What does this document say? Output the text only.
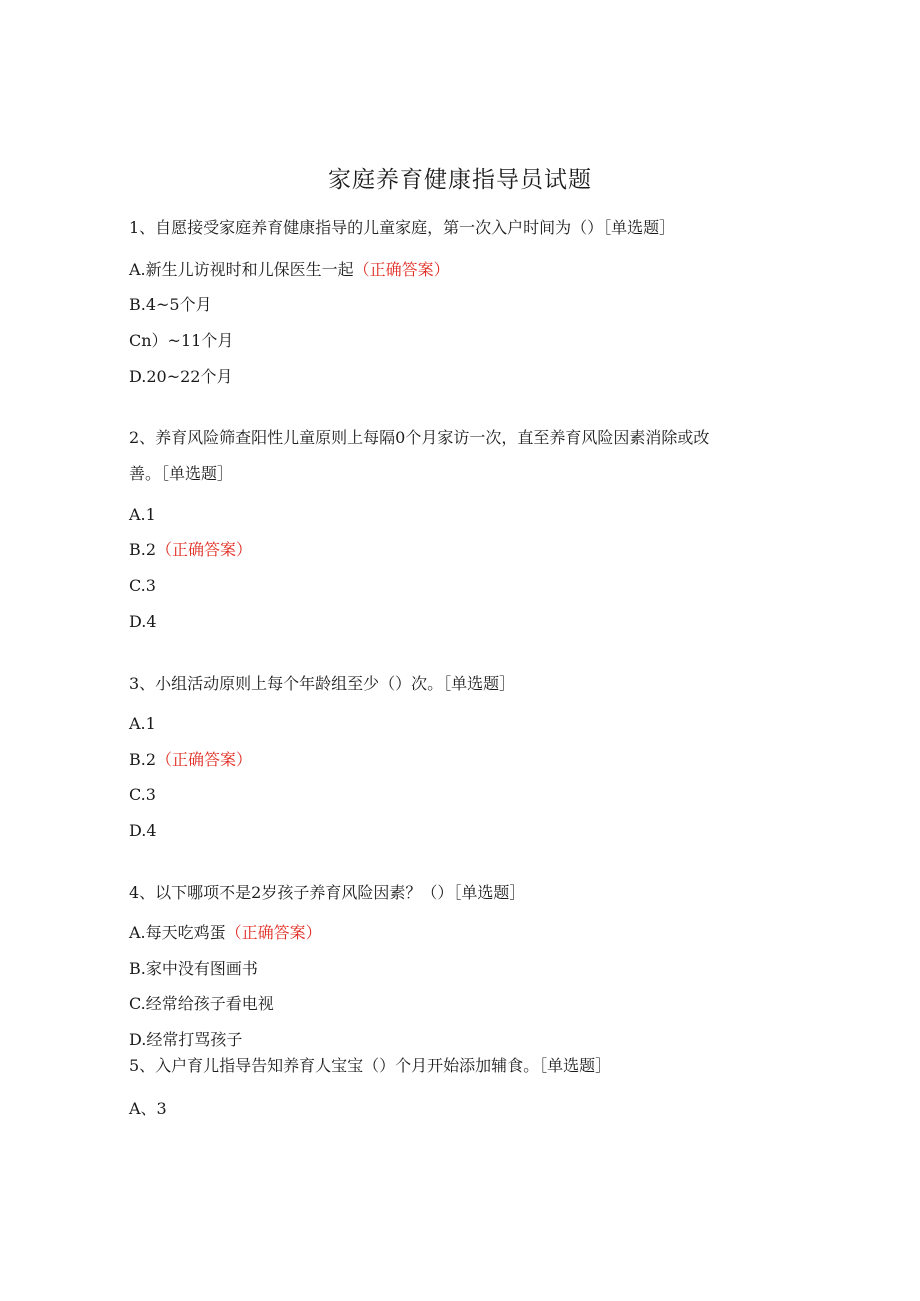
家庭养育健康指导员试题
1、自愿接受家庭养育健康指导的儿童家庭，第一次入户时间为（）［单选题］
A.新生儿访视时和儿保医生一起（正确答案）
B.4~5个月
Cn）~11个月
D.20~22个月
2、养育风险筛查阳性儿童原则上每隔0个月家访一次，直至养育风险因素消除或改
善。［单选题］
A.1
B.2（正确答案）
C.3
D.4
3、小组活动原则上每个年龄组至少（）次。［单选题］
A.1
B.2（正确答案）
C.3
D.4
4、以下哪项不是2岁孩子养育风险因素？（）［单选题］
A.每天吃鸡蛋（正确答案）
B.家中没有图画书
C.经常给孩子看电视
D.经常打骂孩子
5、入户育儿指导告知养育人宝宝（）个月开始添加辅食。［单选题］
A、3
